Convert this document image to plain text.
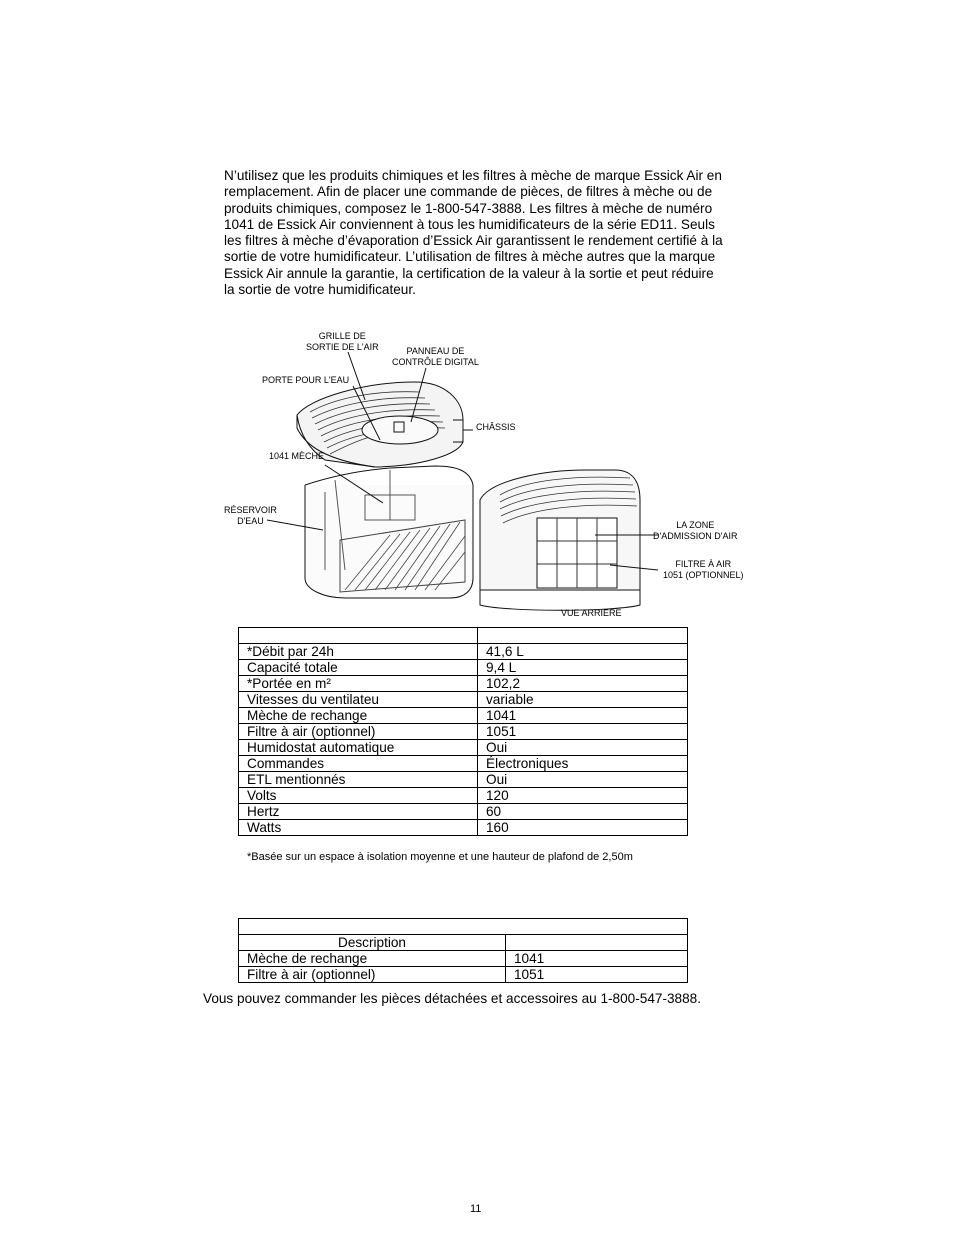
N’utilisez que les produits chimiques et les filtres à mèche de marque Essick Air en remplacement. Afin de placer une commande de pièces, de filtres à mèche ou de produits chimiques, composez le 1-800-547-3888. Les filtres à mèche de numéro 1041 de Essick Air conviennent à tous les humidificateurs de la série ED11. Seuls les filtres à mèche d’évaporation d’Essick Air garantissent le rendement certifié à la sortie de votre humidificateur. L’utilisation de filtres à mèche autres que la marque Essick Air annule la garantie, la certification de la valeur à la sortie et peut réduire la sortie de votre humidificateur.

GRILLE DE
SORTIE DE L'AIR	PANNEAU DE
CONTRÔLE DIGITAL
PORTE POUR L'EAU
CHÂSSIS
1041 MÈCHE
RÉSERVOIR
D'EAU	LA ZONE
D'ADMISSION D'AIR
FILTRE À AIR
1051 (OPTIONNEL)
VUE ARRIERE

*Débit par 24h	41,6 L
Capacité totale	9,4 L
*Portée en m²	102,2
Vitesses du ventilateu	variable
Mèche de rechange	1041
Filtre à air (optionnel)	1051
Humidostat automatique	Oui
Commandes	Électroniques
ETL mentionnés	Oui
Volts	120
Hertz	60
Watts	160
*Basée sur un espace à isolation moyenne et une hauteur de plafond de 2,50m

Description	
Mèche de rechange	1041
Filtre à air (optionnel)	1051
Vous pouvez commander les pièces détachées et accessoires au 1-800-547-3888.
11
